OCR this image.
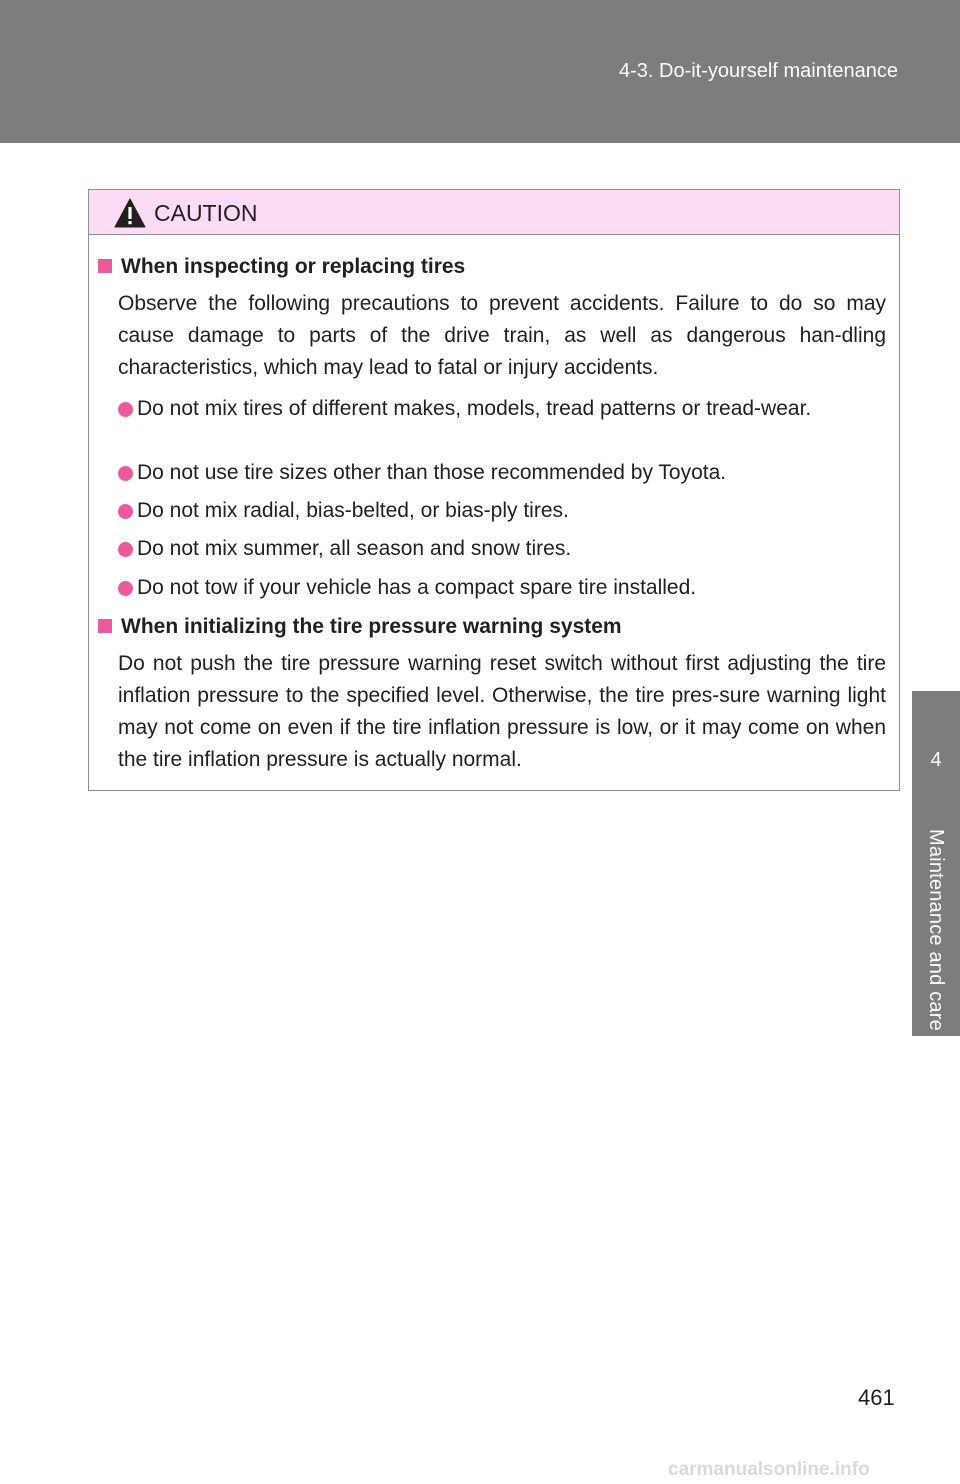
4-3. Do-it-yourself maintenance
4
Maintenance and care
CAUTION
When inspecting or replacing tires
Observe the following precautions to prevent accidents. Failure to do so may cause damage to parts of the drive train, as well as dangerous han-dling characteristics, which may lead to fatal or injury accidents.
Do not mix tires of different makes, models, tread patterns or tread-wear.
Do not use tire sizes other than those recommended by Toyota.
Do not mix radial, bias-belted, or bias-ply tires.
Do not mix summer, all season and snow tires.
Do not tow if your vehicle has a compact spare tire installed.
When initializing the tire pressure warning system
Do not push the tire pressure warning reset switch without first adjusting the tire inflation pressure to the specified level. Otherwise, the tire pres-sure warning light may not come on even if the tire inflation pressure is low, or it may come on when the tire inflation pressure is actually normal.
461
carmanualsonline.info
